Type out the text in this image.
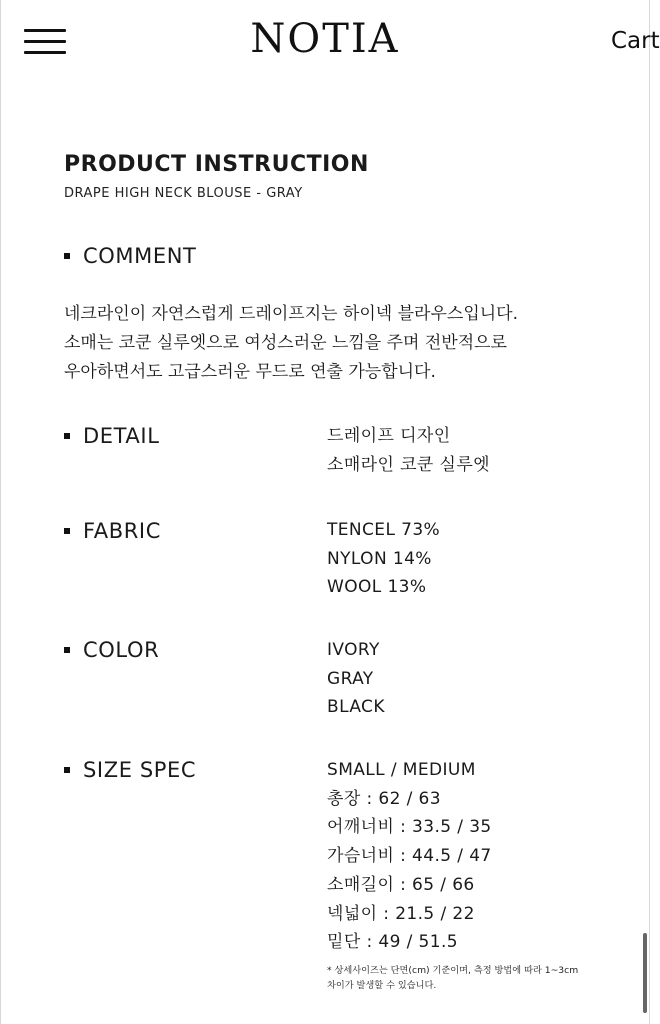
NOTIA	Cart
PRODUCT INSTRUCTION
DRAPE HIGH NECK BLOUSE - GRAY
COMMENT
네크라인이 자연스럽게 드레이프지는 하이넥 블라우스입니다.
소매는 코쿤 실루엣으로 여성스러운 느낌을 주며 전반적으로
우아하면서도 고급스러운 무드로 연출 가능합니다.
DETAIL	드레이프 디자인
소매라인 코쿤 실루엣
FABRIC	TENCEL 73%
NYLON 14%
WOOL 13%
COLOR	IVORY
GRAY
BLACK
SIZE SPEC	SMALL / MEDIUM
총장 : 62 / 63
어깨너비 : 33.5 / 35
가슴너비 : 44.5 / 47
소매길이 : 65 / 66
넥넓이 : 21.5 / 22
밑단 : 49 / 51.5
* 상세사이즈는 단면(cm) 기준이며, 측정 방법에 따라 1~3cm
차이가 발생할 수 있습니다.
